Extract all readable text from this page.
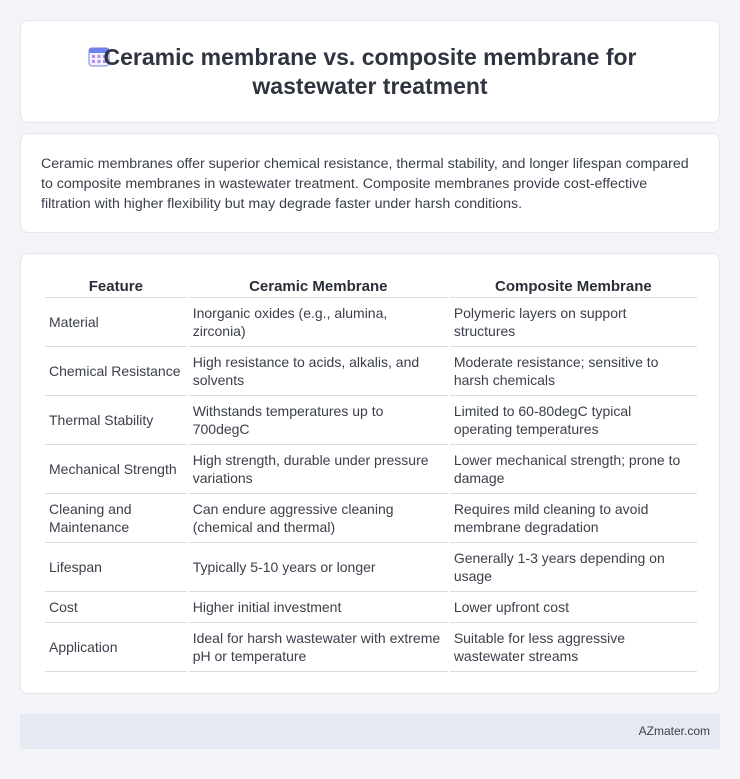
Ceramic membrane vs. composite membrane for
wastewater treatment

Ceramic membranes offer superior chemical resistance, thermal stability, and longer lifespan compared to composite membranes in wastewater treatment. Composite membranes provide cost-effective filtration with higher flexibility but may degrade faster under harsh conditions.

Feature	Ceramic Membrane	Composite Membrane
Material	Inorganic oxides (e.g., alumina, zirconia)	Polymeric layers on support structures
Chemical Resistance	High resistance to acids, alkalis, and solvents	Moderate resistance; sensitive to harsh chemicals
Thermal Stability	Withstands temperatures up to 700degC	Limited to 60-80degC typical operating temperatures
Mechanical Strength	High strength, durable under pressure variations	Lower mechanical strength; prone to damage
Cleaning and Maintenance	Can endure aggressive cleaning (chemical and thermal)	Requires mild cleaning to avoid membrane degradation
Lifespan	Typically 5-10 years or longer	Generally 1-3 years depending on usage
Cost	Higher initial investment	Lower upfront cost
Application	Ideal for harsh wastewater with extreme pH or temperature	Suitable for less aggressive wastewater streams
AZmater.com
